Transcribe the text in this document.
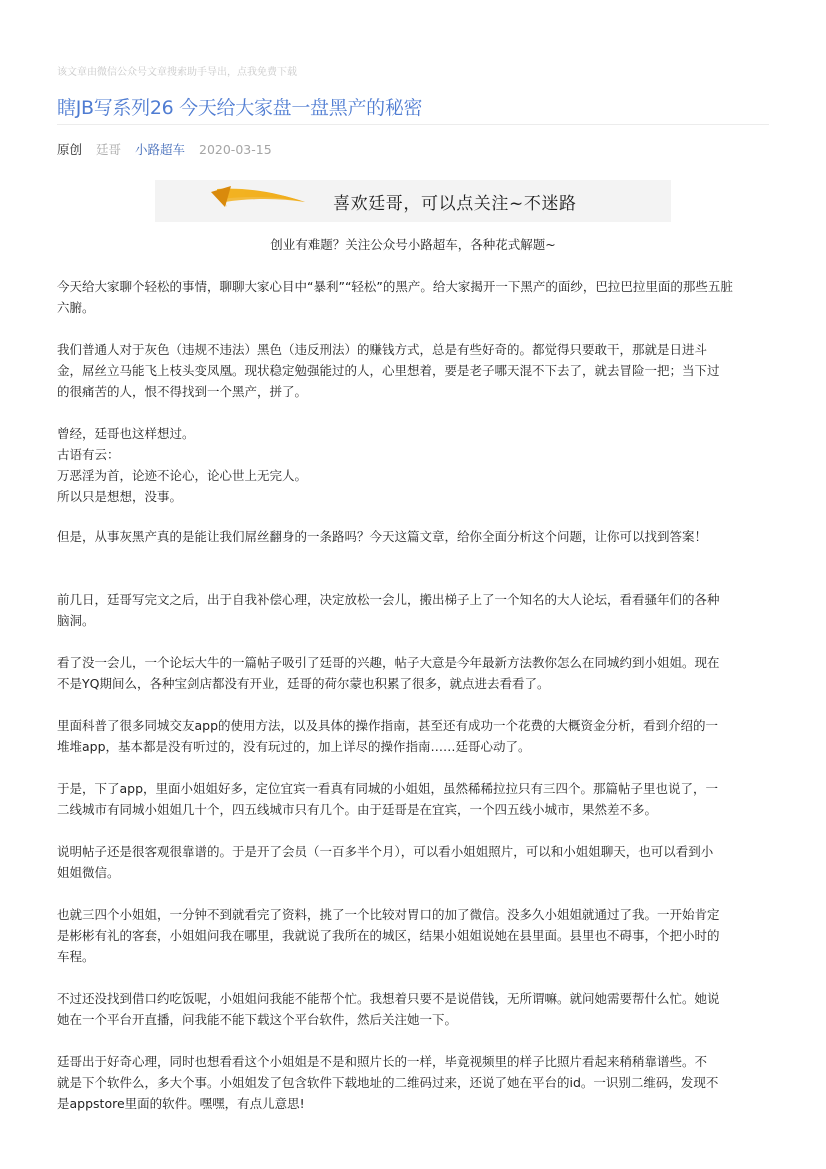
该文章由微信公众号文章搜索助手导出，点我免费下载
瞎JB写系列26 今天给大家盘一盘黑产的秘密
原创 廷哥 小路超车 2020-03-15
喜欢廷哥，可以点关注~不迷路
创业有难题？关注公众号小路超车，各种花式解题~
今天给大家聊个轻松的事情，聊聊大家心目中“暴利”“轻松”的黑产。给大家揭开一下黑产的面纱，巴拉巴拉里面的那些五脏
六腑。
我们普通人对于灰色（违规不违法）黑色（违反刑法）的赚钱方式，总是有些好奇的。都觉得只要敢干，那就是日进斗
金，屌丝立马能飞上枝头变凤凰。现状稳定勉强能过的人，心里想着，要是老子哪天混不下去了，就去冒险一把；当下过
的很痛苦的人，恨不得找到一个黑产，拼了。
曾经，廷哥也这样想过。
古语有云：
万恶淫为首，论迹不论心，论心世上无完人。
所以只是想想，没事。
但是，从事灰黑产真的是能让我们屌丝翻身的一条路吗？今天这篇文章，给你全面分析这个问题，让你可以找到答案！
前几日，廷哥写完文之后，出于自我补偿心理，决定放松一会儿，搬出梯子上了一个知名的大人论坛，看看骚年们的各种
脑洞。
看了没一会儿，一个论坛大牛的一篇帖子吸引了廷哥的兴趣，帖子大意是今年最新方法教你怎么在同城约到小姐姐。现在
不是YQ期间么，各种宝剑店都没有开业，廷哥的荷尔蒙也积累了很多，就点进去看看了。
里面科普了很多同城交友app的使用方法，以及具体的操作指南，甚至还有成功一个花费的大概资金分析，看到介绍的一
堆堆app，基本都是没有听过的，没有玩过的，加上详尽的操作指南……廷哥心动了。
于是，下了app，里面小姐姐好多，定位宜宾一看真有同城的小姐姐，虽然稀稀拉拉只有三四个。那篇帖子里也说了，一
二线城市有同城小姐姐几十个，四五线城市只有几个。由于廷哥是在宜宾，一个四五线小城市，果然差不多。
说明帖子还是很客观很靠谱的。于是开了会员（一百多半个月），可以看小姐姐照片，可以和小姐姐聊天，也可以看到小
姐姐微信。
也就三四个小姐姐，一分钟不到就看完了资料，挑了一个比较对胃口的加了微信。没多久小姐姐就通过了我。一开始肯定
是彬彬有礼的客套，小姐姐问我在哪里，我就说了我所在的城区，结果小姐姐说她在县里面。县里也不碍事，个把小时的
车程。
不过还没找到借口约吃饭呢，小姐姐问我能不能帮个忙。我想着只要不是说借钱，无所谓嘛。就问她需要帮什么忙。她说
她在一个平台开直播，问我能不能下载这个平台软件，然后关注她一下。
廷哥出于好奇心理，同时也想看看这个小姐姐是不是和照片长的一样，毕竟视频里的样子比照片看起来稍稍靠谱些。不
就是下个软件么，多大个事。小姐姐发了包含软件下载地址的二维码过来，还说了她在平台的id。一识别二维码，发现不
是appstore里面的软件。嘿嘿，有点儿意思!
